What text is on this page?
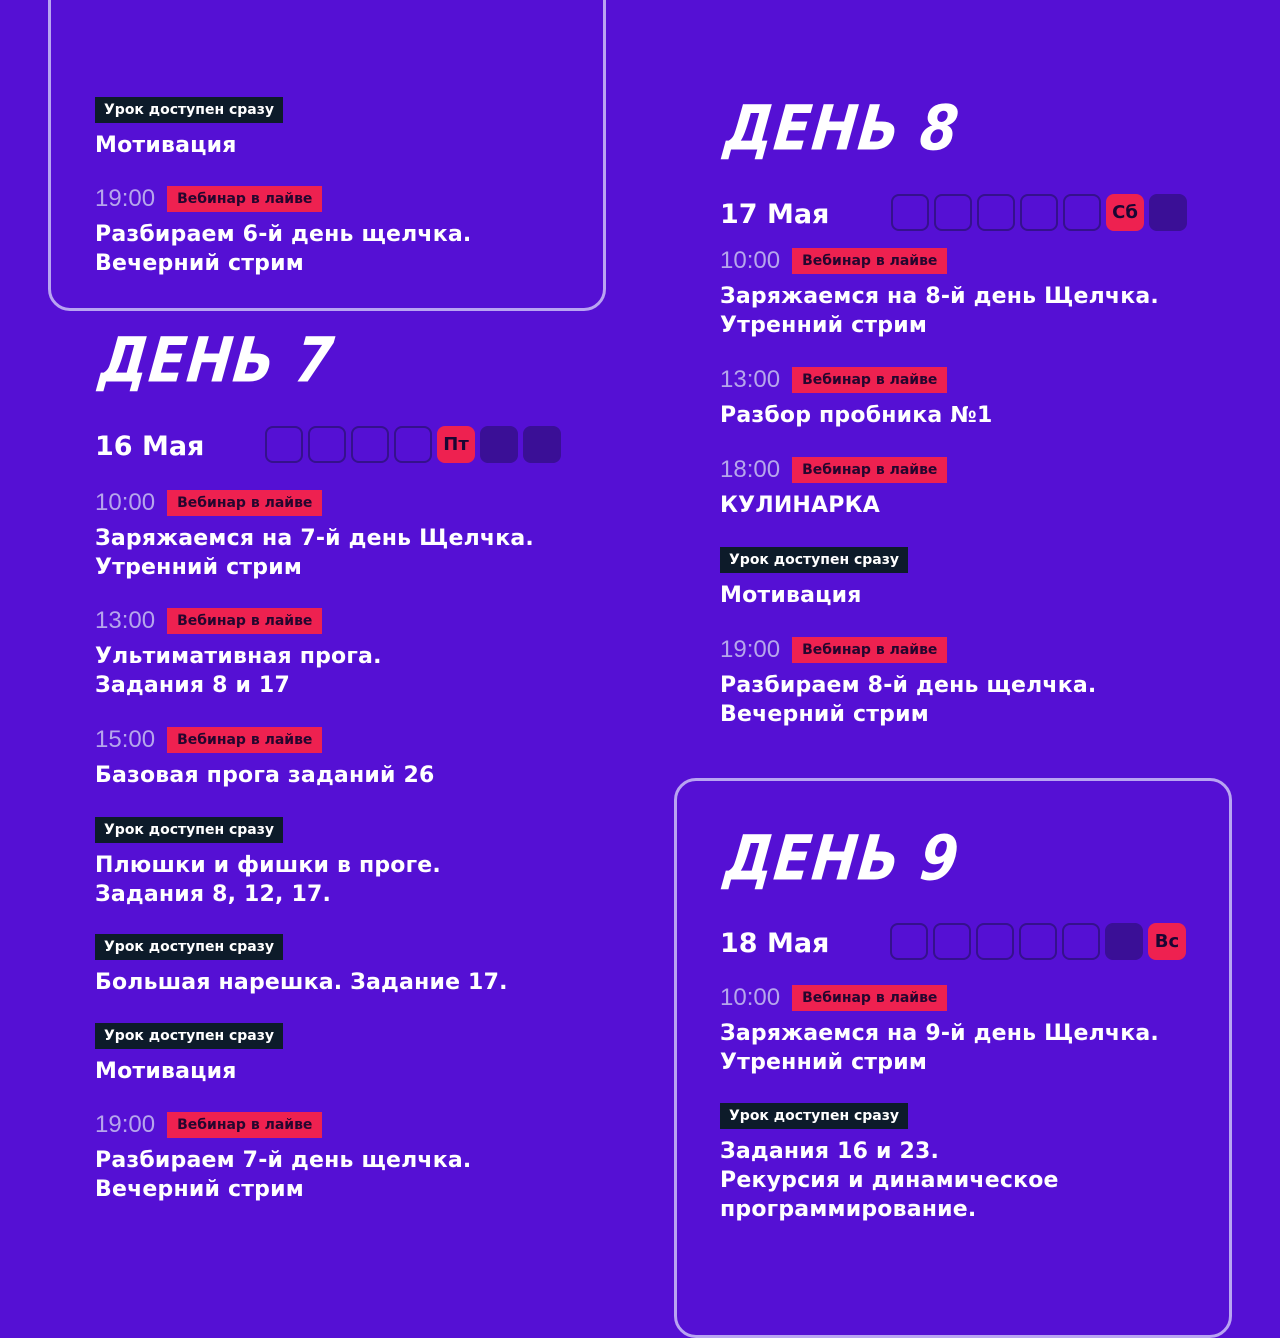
Урок доступен сразу
Мотивация
19:00	Вебинар в лайве
Разбираем 6-й день щелчка.
Вечерний стрим
ДЕНЬ 7
16 Мая	Пт
10:00	Вебинар в лайве
Заряжаемся на 7-й день Щелчка.
Утренний стрим
13:00	Вебинар в лайве
Ультимативная прога.
Задания 8 и 17
15:00	Вебинар в лайве
Базовая прога заданий 26
Урок доступен сразу
Плюшки и фишки в проге.
Задания 8, 12, 17.
Урок доступен сразу
Большая нарешка. Задание 17.
Урок доступен сразу
Мотивация
19:00	Вебинар в лайве
Разбираем 7-й день щелчка.
Вечерний стрим
ДЕНЬ 8
17 Мая	Сб
10:00	Вебинар в лайве
Заряжаемся на 8-й день Щелчка.
Утренний стрим
13:00	Вебинар в лайве
Разбор пробника №1
18:00	Вебинар в лайве
КУЛИНАРКА
Урок доступен сразу
Мотивация
19:00	Вебинар в лайве
Разбираем 8-й день щелчка.
Вечерний стрим
ДЕНЬ 9
18 Мая	Вс
10:00	Вебинар в лайве
Заряжаемся на 9-й день Щелчка.
Утренний стрим
Урок доступен сразу
Задания 16 и 23.
Рекурсия и динамическое
программирование.
